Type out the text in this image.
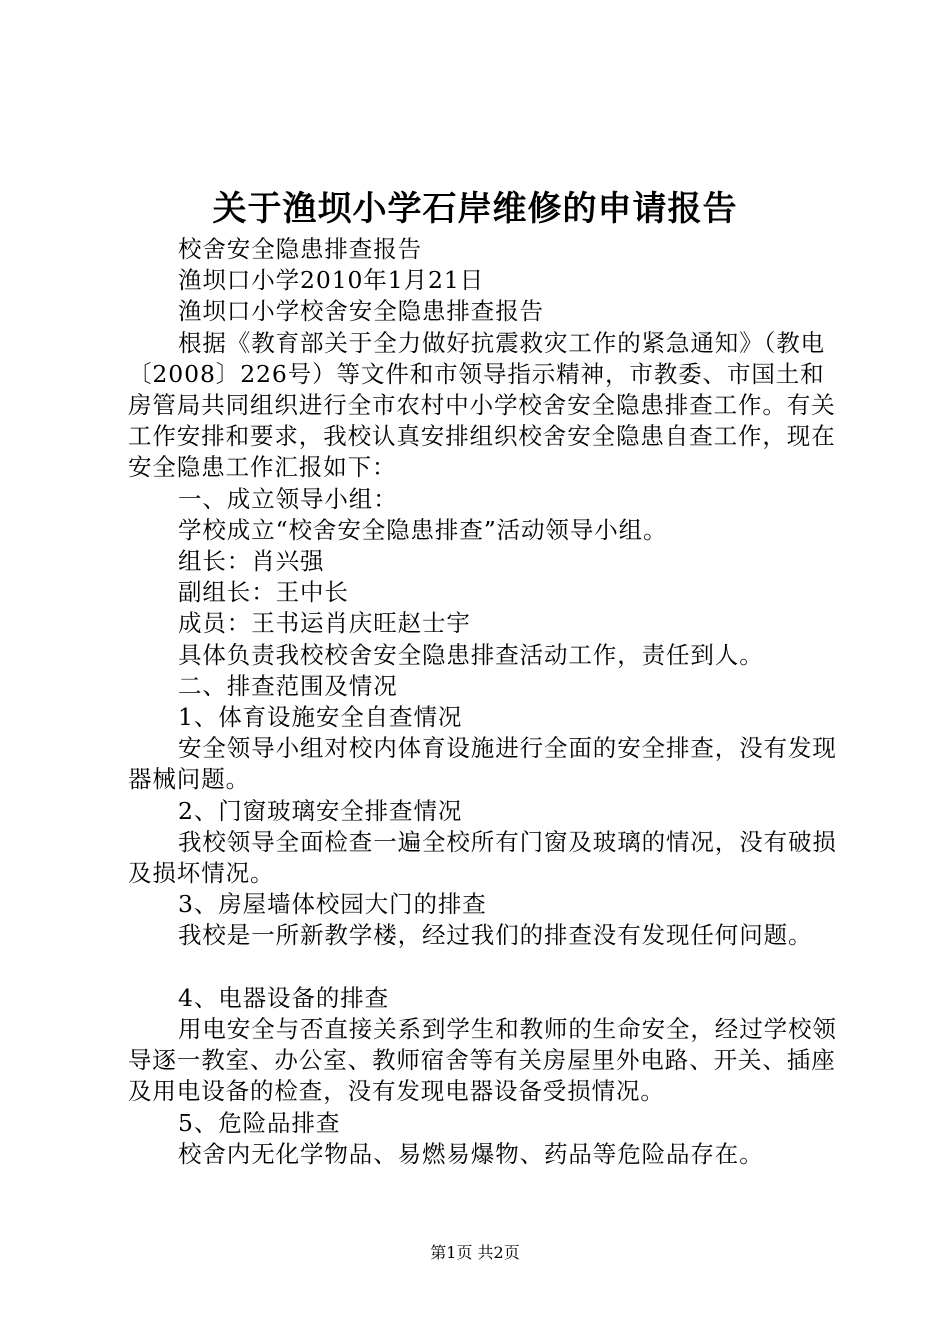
关于渔坝小学石岸维修的申请报告

校舍安全隐患排查报告

渔坝口小学2010年1月21日

渔坝口小学校舍安全隐患排查报告

根据《教育部关于全力做好抗震救灾工作的紧急通知》（教电〔2008〕226号）等文件和市领导指示精神，市教委、市国土和房管局共同组织进行全市农村中小学校舍安全隐患排查工作。有关工作安排和要求，我校认真安排组织校舍安全隐患自查工作，现在安全隐患工作汇报如下：

一、成立领导小组：

学校成立“校舍安全隐患排查”活动领导小组。

组长：肖兴强

副组长：王中长

成员：王书运肖庆旺赵士宇

具体负责我校校舍安全隐患排查活动工作，责任到人。

二、排查范围及情况

1、体育设施安全自查情况

安全领导小组对校内体育设施进行全面的安全排查，没有发现器械问题。

2、门窗玻璃安全排查情况

我校领导全面检查一遍全校所有门窗及玻璃的情况，没有破损及损坏情况。

3、房屋墙体校园大门的排查

我校是一所新教学楼，经过我们的排查没有发现任何问题。

4、电器设备的排查

用电安全与否直接关系到学生和教师的生命安全，经过学校领导逐一教室、办公室、教师宿舍等有关房屋里外电路、开关、插座及用电设备的检查，没有发现电器设备受损情况。

5、危险品排查

校舍内无化学物品、易燃易爆物、药品等危险品存在。

第1页 共2页
